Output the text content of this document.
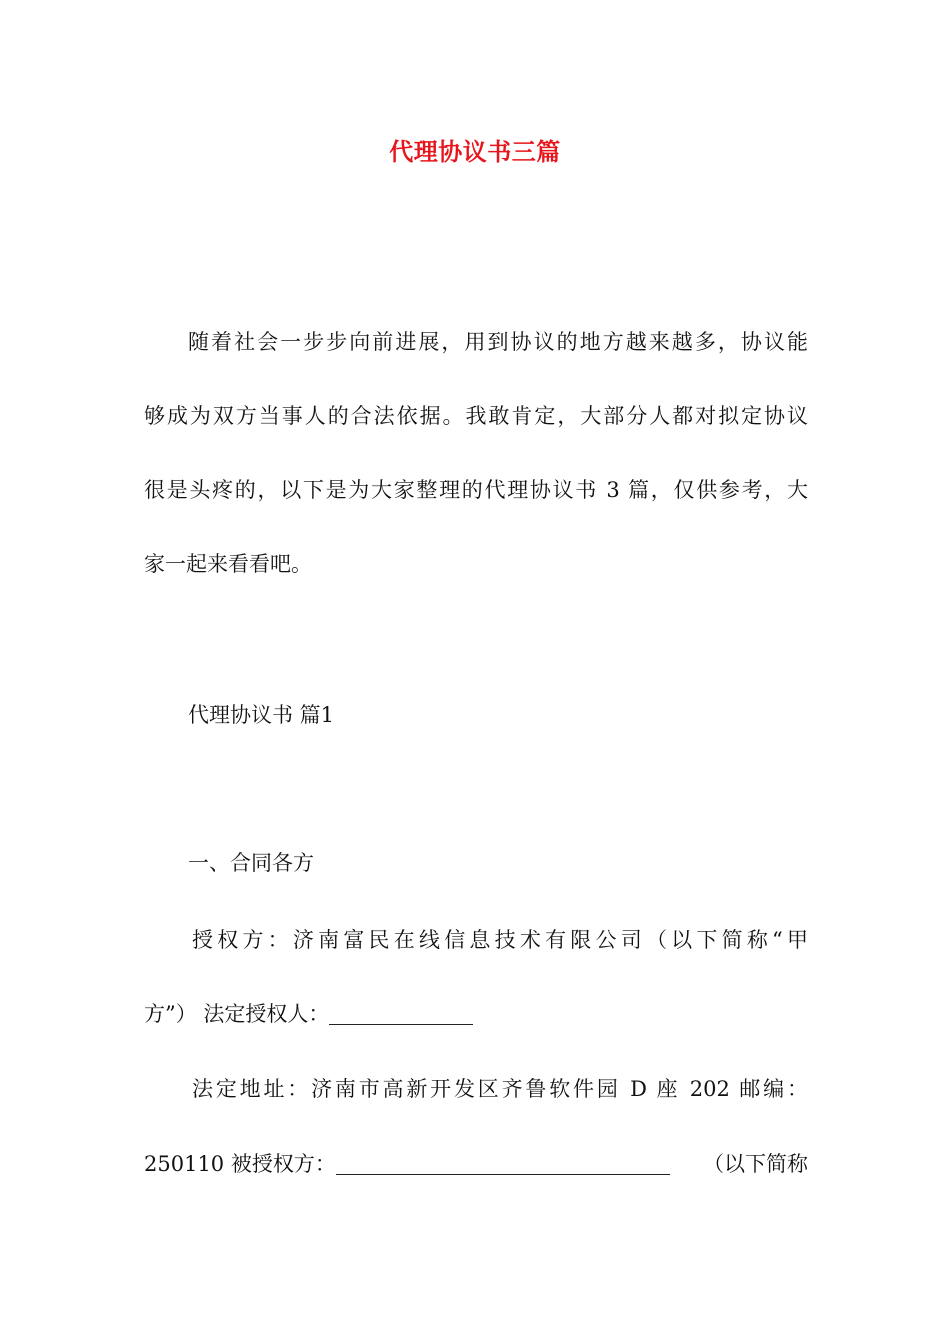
代理协议书三篇
随着社会一步步向前进展，用到协议的地方越来越多，协议能
够成为双方当事人的合法依据。我敢肯定，大部分人都对拟定协议
很是头疼的，以下是为大家整理的代理协议书 3 篇，仅供参考，大
家一起来看看吧。
代理协议书 篇1
一、合同各方
授权方：济南富民在线信息技术有限公司（以下简称“甲
方”） 法定授权人：
法定地址：济南市高新开发区齐鲁软件园 D 座 202 邮编：
250110 被授权方：	（以下简称
